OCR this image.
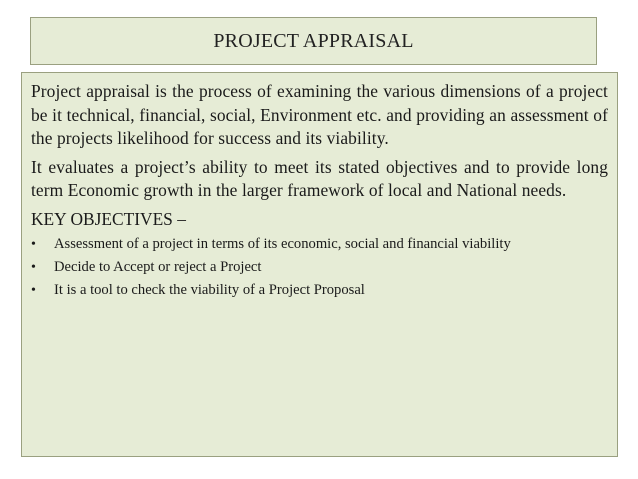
PROJECT APPRAISAL

Project appraisal is the process of examining the various dimensions of a project be it technical, financial, social, Environment etc. and providing an assessment of the projects likelihood for success and its viability.

It evaluates a project’s ability to meet its stated objectives and to provide long term Economic growth in the larger framework of local and National needs.

KEY OBJECTIVES –

•	Assessment of a project in terms of its economic, social and financial viability
•	Decide to Accept or reject a Project
•	It is a tool to check the viability of a Project Proposal
